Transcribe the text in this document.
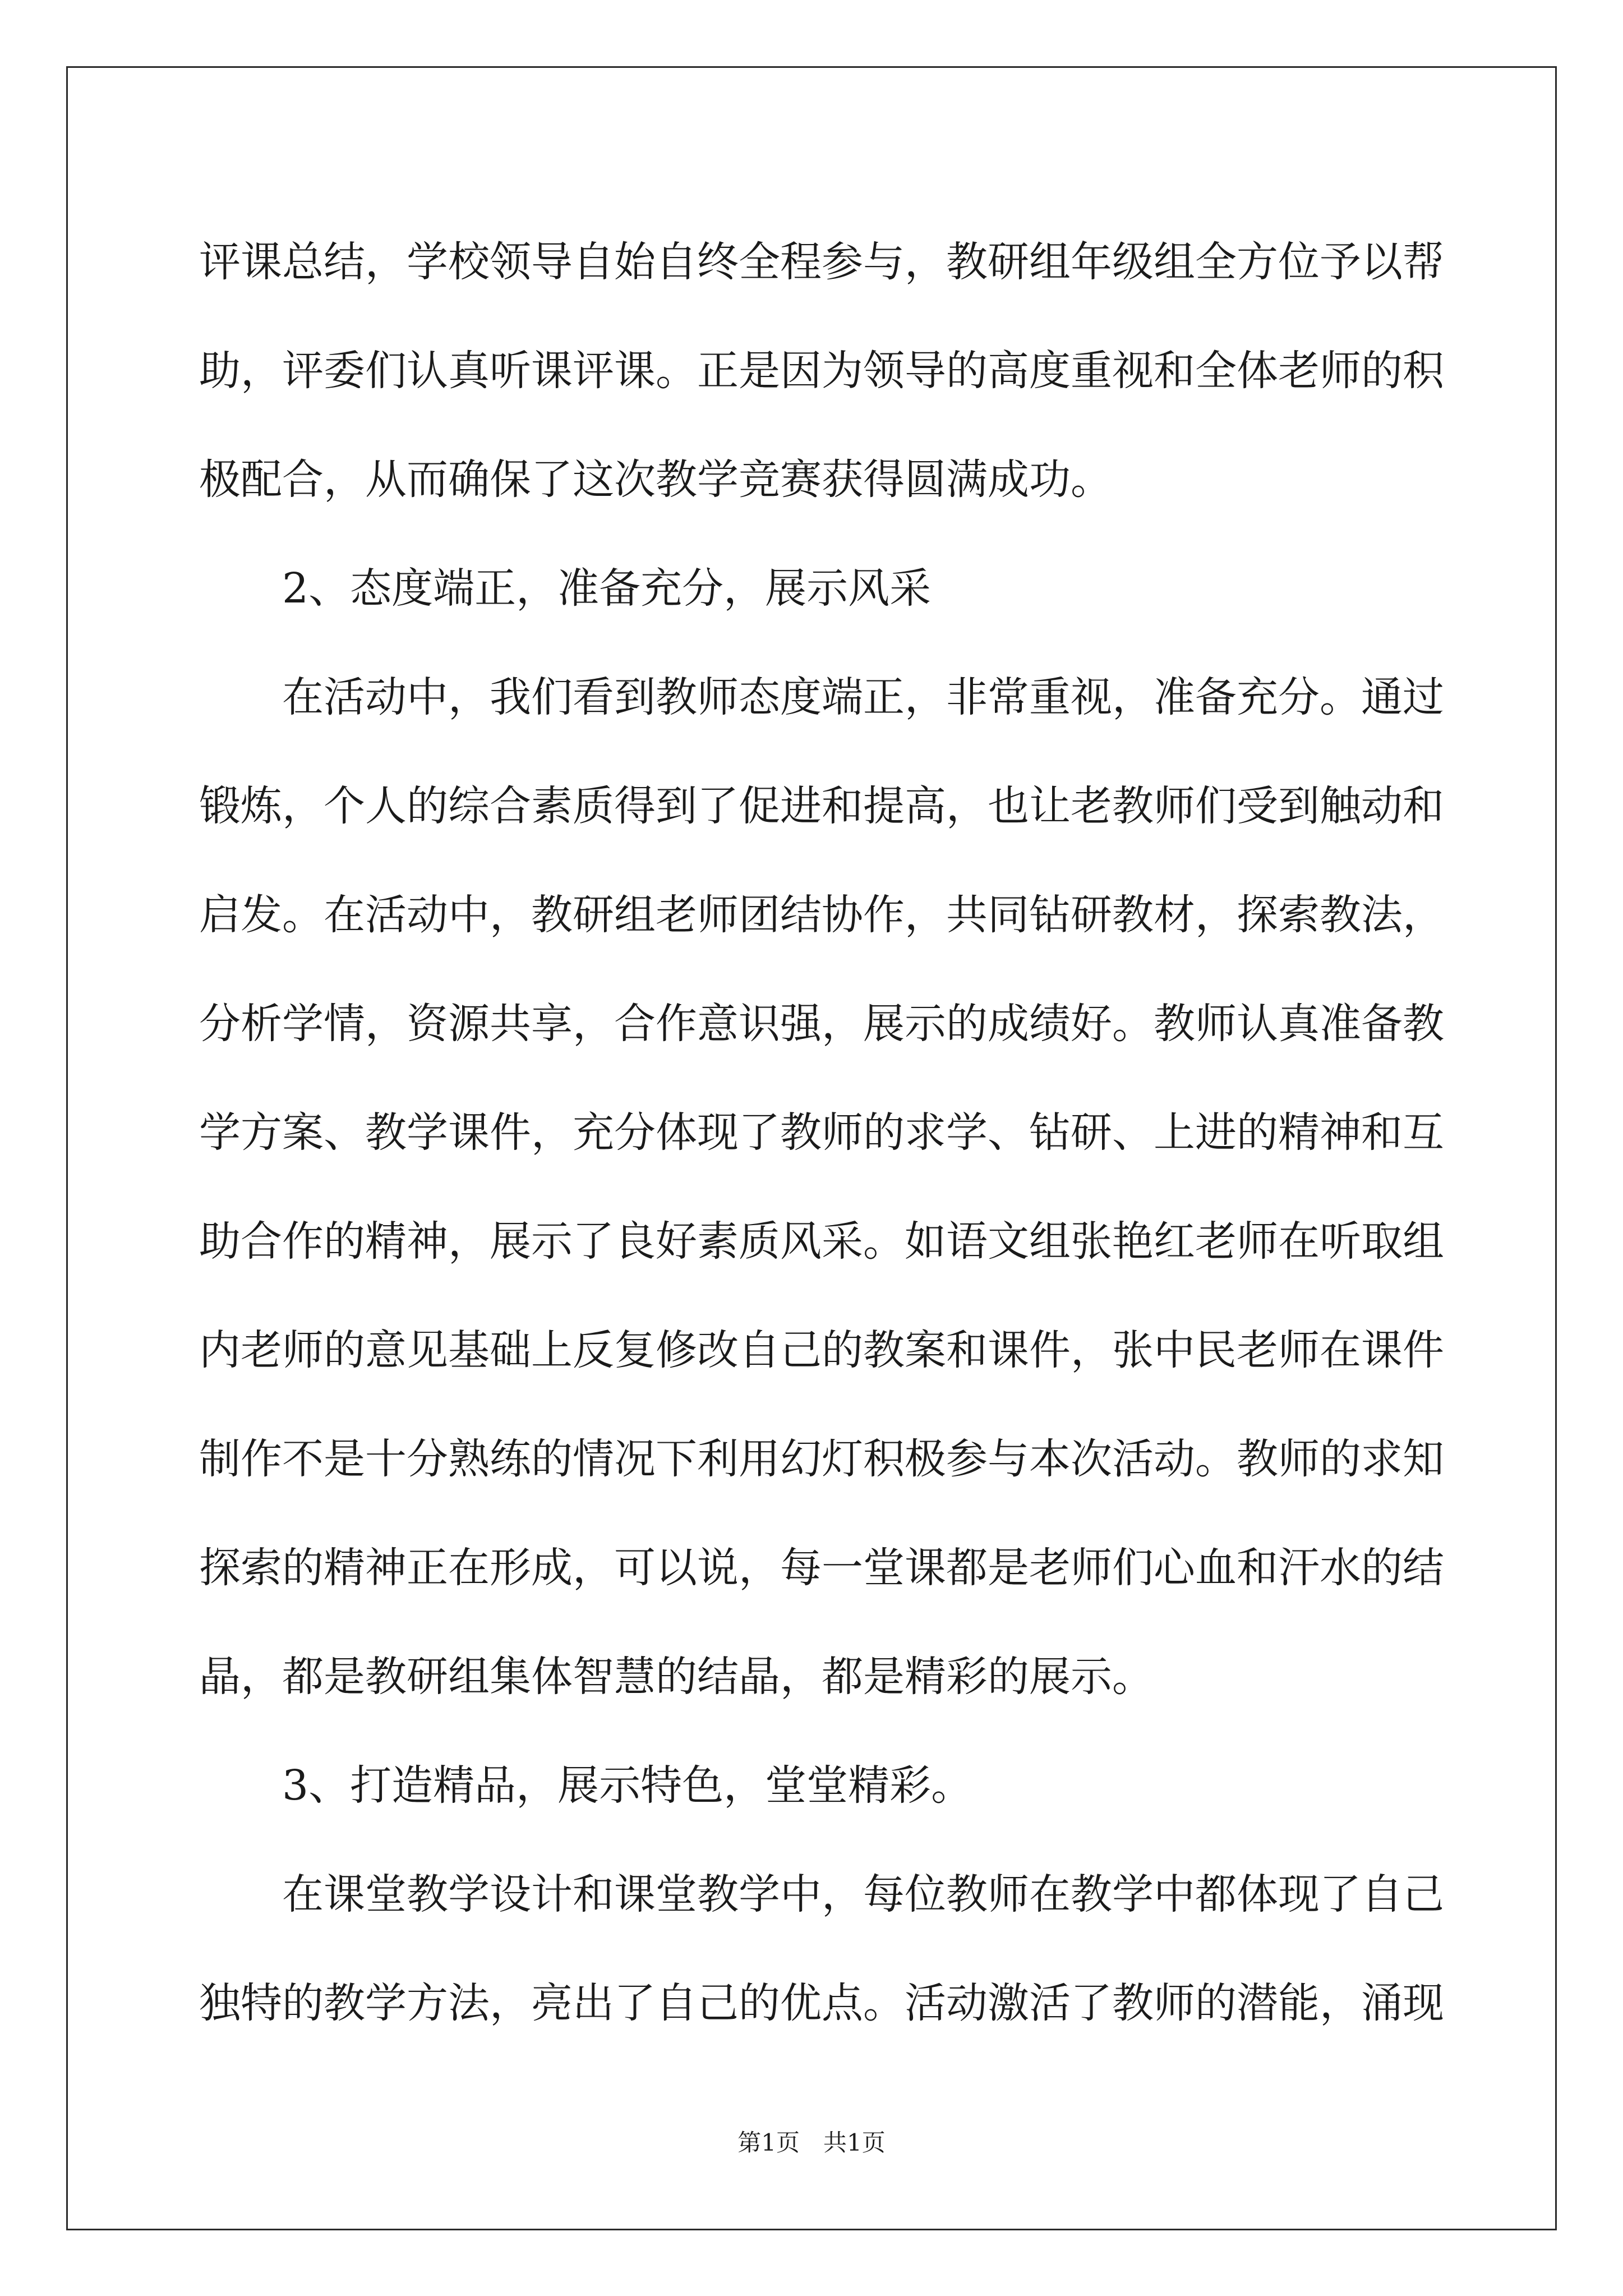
评课总结，学校领导自始自终全程参与，教研组年级组全方位予以帮
助，评委们认真听课评课。正是因为领导的高度重视和全体老师的积
极配合，从而确保了这次教学竞赛获得圆满成功。
2、态度端正，准备充分，展示风采
在活动中，我们看到教师态度端正，非常重视，准备充分。通过
锻炼，个人的综合素质得到了促进和提高，也让老教师们受到触动和
启发。在活动中，教研组老师团结协作，共同钻研教材，探索教法，
分析学情，资源共享，合作意识强，展示的成绩好。教师认真准备教
学方案、教学课件，充分体现了教师的求学、钻研、上进的精神和互
助合作的精神，展示了良好素质风采。如语文组张艳红老师在听取组
内老师的意见基础上反复修改自己的教案和课件，张中民老师在课件
制作不是十分熟练的情况下利用幻灯积极参与本次活动。教师的求知
探索的精神正在形成，可以说，每一堂课都是老师们心血和汗水的结
晶，都是教研组集体智慧的结晶，都是精彩的展示。
3、打造精品，展示特色，堂堂精彩。
在课堂教学设计和课堂教学中，每位教师在教学中都体现了自己
独特的教学方法，亮出了自己的优点。活动激活了教师的潜能，涌现
第1页　共1页
